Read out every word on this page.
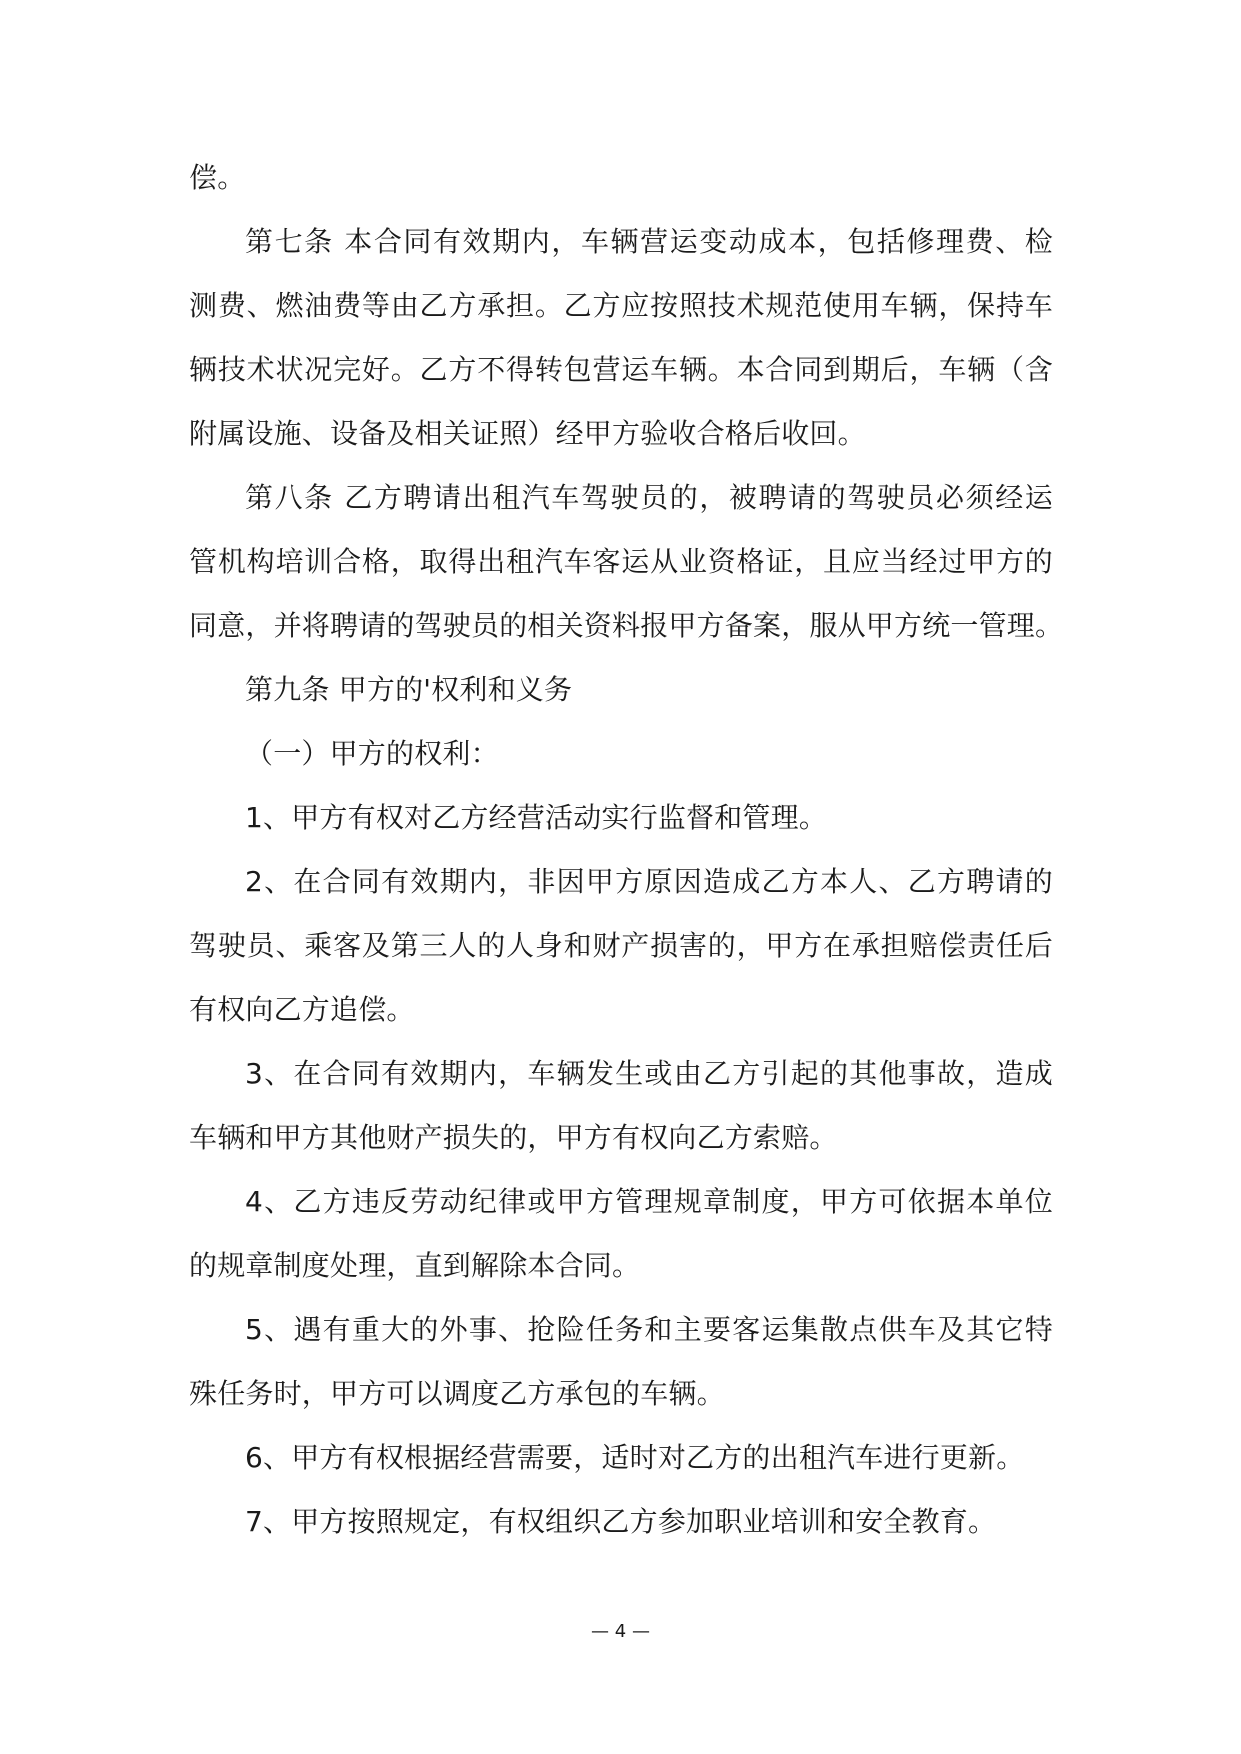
偿。
第七条 本合同有效期内，车辆营运变动成本，包括修理费、检
测费、燃油费等由乙方承担。乙方应按照技术规范使用车辆，保持车
辆技术状况完好。乙方不得转包营运车辆。本合同到期后，车辆（含
附属设施、设备及相关证照）经甲方验收合格后收回。
第八条 乙方聘请出租汽车驾驶员的，被聘请的驾驶员必须经运
管机构培训合格，取得出租汽车客运从业资格证，且应当经过甲方的
同意，并将聘请的驾驶员的相关资料报甲方备案，服从甲方统一管理。
第九条 甲方的'权利和义务
（一）甲方的权利：
1、甲方有权对乙方经营活动实行监督和管理。
2、在合同有效期内，非因甲方原因造成乙方本人、乙方聘请的
驾驶员、乘客及第三人的人身和财产损害的，甲方在承担赔偿责任后
有权向乙方追偿。
3、在合同有效期内，车辆发生或由乙方引起的其他事故，造成
车辆和甲方其他财产损失的，甲方有权向乙方索赔。
4、乙方违反劳动纪律或甲方管理规章制度，甲方可依据本单位
的规章制度处理，直到解除本合同。
5、遇有重大的外事、抢险任务和主要客运集散点供车及其它特
殊任务时，甲方可以调度乙方承包的车辆。
6、甲方有权根据经营需要，适时对乙方的出租汽车进行更新。
7、甲方按照规定，有权组织乙方参加职业培训和安全教育。
— 4 —
